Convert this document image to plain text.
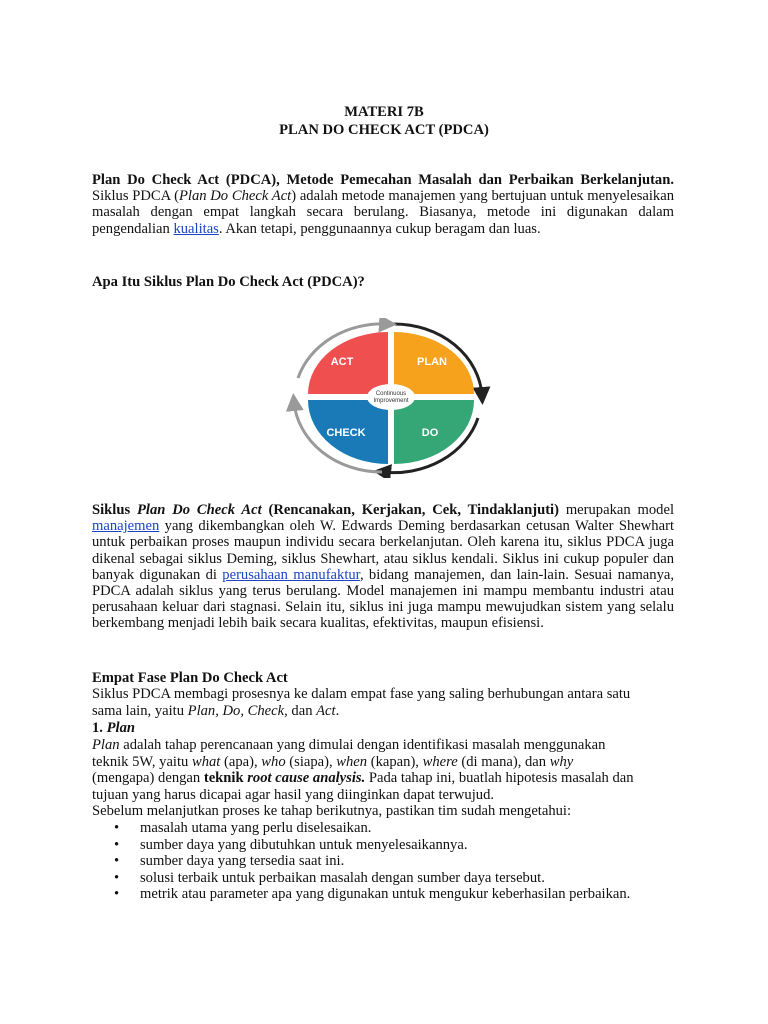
MATERI 7B
PLAN DO CHECK ACT (PDCA)
Plan Do Check Act (PDCA), Metode Pemecahan Masalah dan Perbaikan Berkelanjutan. Siklus PDCA (Plan Do Check Act) adalah metode manajemen yang bertujuan untuk menyelesaikan masalah dengan empat langkah secara berulang. Biasanya, metode ini digunakan dalam pengendalian kualitas. Akan tetapi, penggunaannya cukup beragam dan luas.
Apa Itu Siklus Plan Do Check Act (PDCA)?
Continuous
Improvement
ACT	PLAN
CHECK	DO
Siklus Plan Do Check Act (Rencanakan, Kerjakan, Cek, Tindaklanjuti) merupakan model manajemen yang dikembangkan oleh W. Edwards Deming berdasarkan cetusan Walter Shewhart untuk perbaikan proses maupun individu secara berkelanjutan. Oleh karena itu, siklus PDCA juga dikenal sebagai siklus Deming, siklus Shewhart, atau siklus kendali. Siklus ini cukup populer dan banyak digunakan di perusahaan manufaktur, bidang manajemen, dan lain-lain. Sesuai namanya, PDCA adalah siklus yang terus berulang. Model manajemen ini mampu membantu industri atau perusahaan keluar dari stagnasi. Selain itu, siklus ini juga mampu mewujudkan sistem yang selalu berkembang menjadi lebih baik secara kualitas, efektivitas, maupun efisiensi.
Empat Fase Plan Do Check Act
Siklus PDCA membagi prosesnya ke dalam empat fase yang saling berhubungan antara satu
sama lain, yaitu Plan, Do, Check, dan Act.
1. Plan
Plan adalah tahap perencanaan yang dimulai dengan identifikasi masalah menggunakan
teknik 5W, yaitu what (apa), who (siapa), when (kapan), where (di mana), dan why
(mengapa) dengan teknik root cause analysis. Pada tahap ini, buatlah hipotesis masalah dan
tujuan yang harus dicapai agar hasil yang diinginkan dapat terwujud.
Sebelum melanjutkan proses ke tahap berikutnya, pastikan tim sudah mengetahui:
• masalah utama yang perlu diselesaikan.
• sumber daya yang dibutuhkan untuk menyelesaikannya.
• sumber daya yang tersedia saat ini.
• solusi terbaik untuk perbaikan masalah dengan sumber daya tersebut.
• metrik atau parameter apa yang digunakan untuk mengukur keberhasilan perbaikan.
